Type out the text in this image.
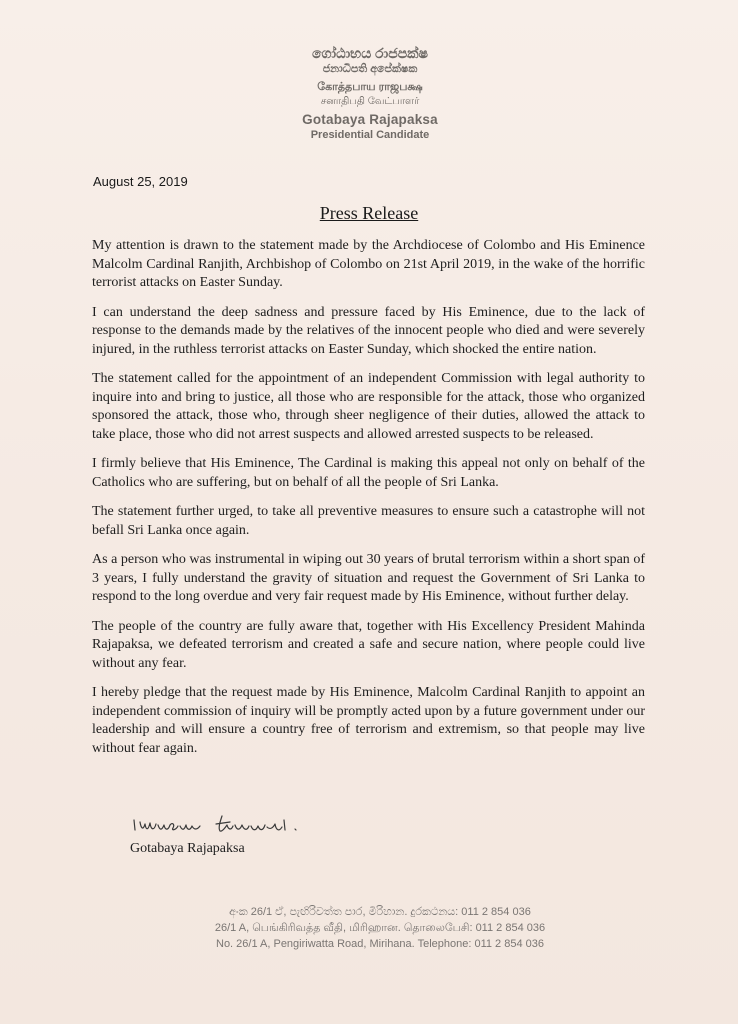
ගෝඨාභය රාජපක්ෂ
ජනාධිපති අපේක්ෂක
கோத்தபாய ராஜபக்ஷ
சனாதிபதி வேட்பாளர்
Gotabaya Rajapaksa
Presidential Candidate
August 25, 2019
Press Release

My attention is drawn to the statement made by the Archdiocese of Colombo and His Eminence Malcolm Cardinal Ranjith, Archbishop of Colombo on 21st April 2019, in the wake of the horrific terrorist attacks on Easter Sunday.

I can understand the deep sadness and pressure faced by His Eminence, due to the lack of response to the demands made by the relatives of the innocent people who died and were severely injured, in the ruthless terrorist attacks on Easter Sunday, which shocked the entire nation.

The statement called for the appointment of an independent Commission with legal authority to inquire into and bring to justice, all those who are responsible for the attack, those who organized sponsored the attack, those who, through sheer negligence of their duties, allowed the attack to take place, those who did not arrest suspects and allowed arrested suspects to be released.

I firmly believe that His Eminence, The Cardinal is making this appeal not only on behalf of the Catholics who are suffering, but on behalf of all the people of Sri Lanka.

The statement further urged, to take all preventive measures to ensure such a catastrophe will not befall Sri Lanka once again.

As a person who was instrumental in wiping out 30 years of brutal terrorism within a short span of 3 years, I fully understand the gravity of situation and request the Government of Sri Lanka to respond to the long overdue and very fair request made by His Eminence, without further delay.

The people of the country are fully aware that, together with His Excellency President Mahinda Rajapaksa, we defeated terrorism and created a safe and secure nation, where people could live without any fear.

I hereby pledge that the request made by His Eminence, Malcolm Cardinal Ranjith to appoint an independent commission of inquiry will be promptly acted upon by a future government under our leadership and will ensure a country free of terrorism and extremism, so that people may live without fear again.

Gotabaya Rajapaksa
අංක 26/1 ඒ, පැඟිරිවත්ත පාර, මිරිහාන. දුරකථනය: 011 2 854 036
26/1 A, பெங்கிரிவத்த வீதி, மிரிஹான. தொலைபேசி: 011 2 854 036
No. 26/1 A, Pengiriwatta Road, Mirihana. Telephone: 011 2 854 036
